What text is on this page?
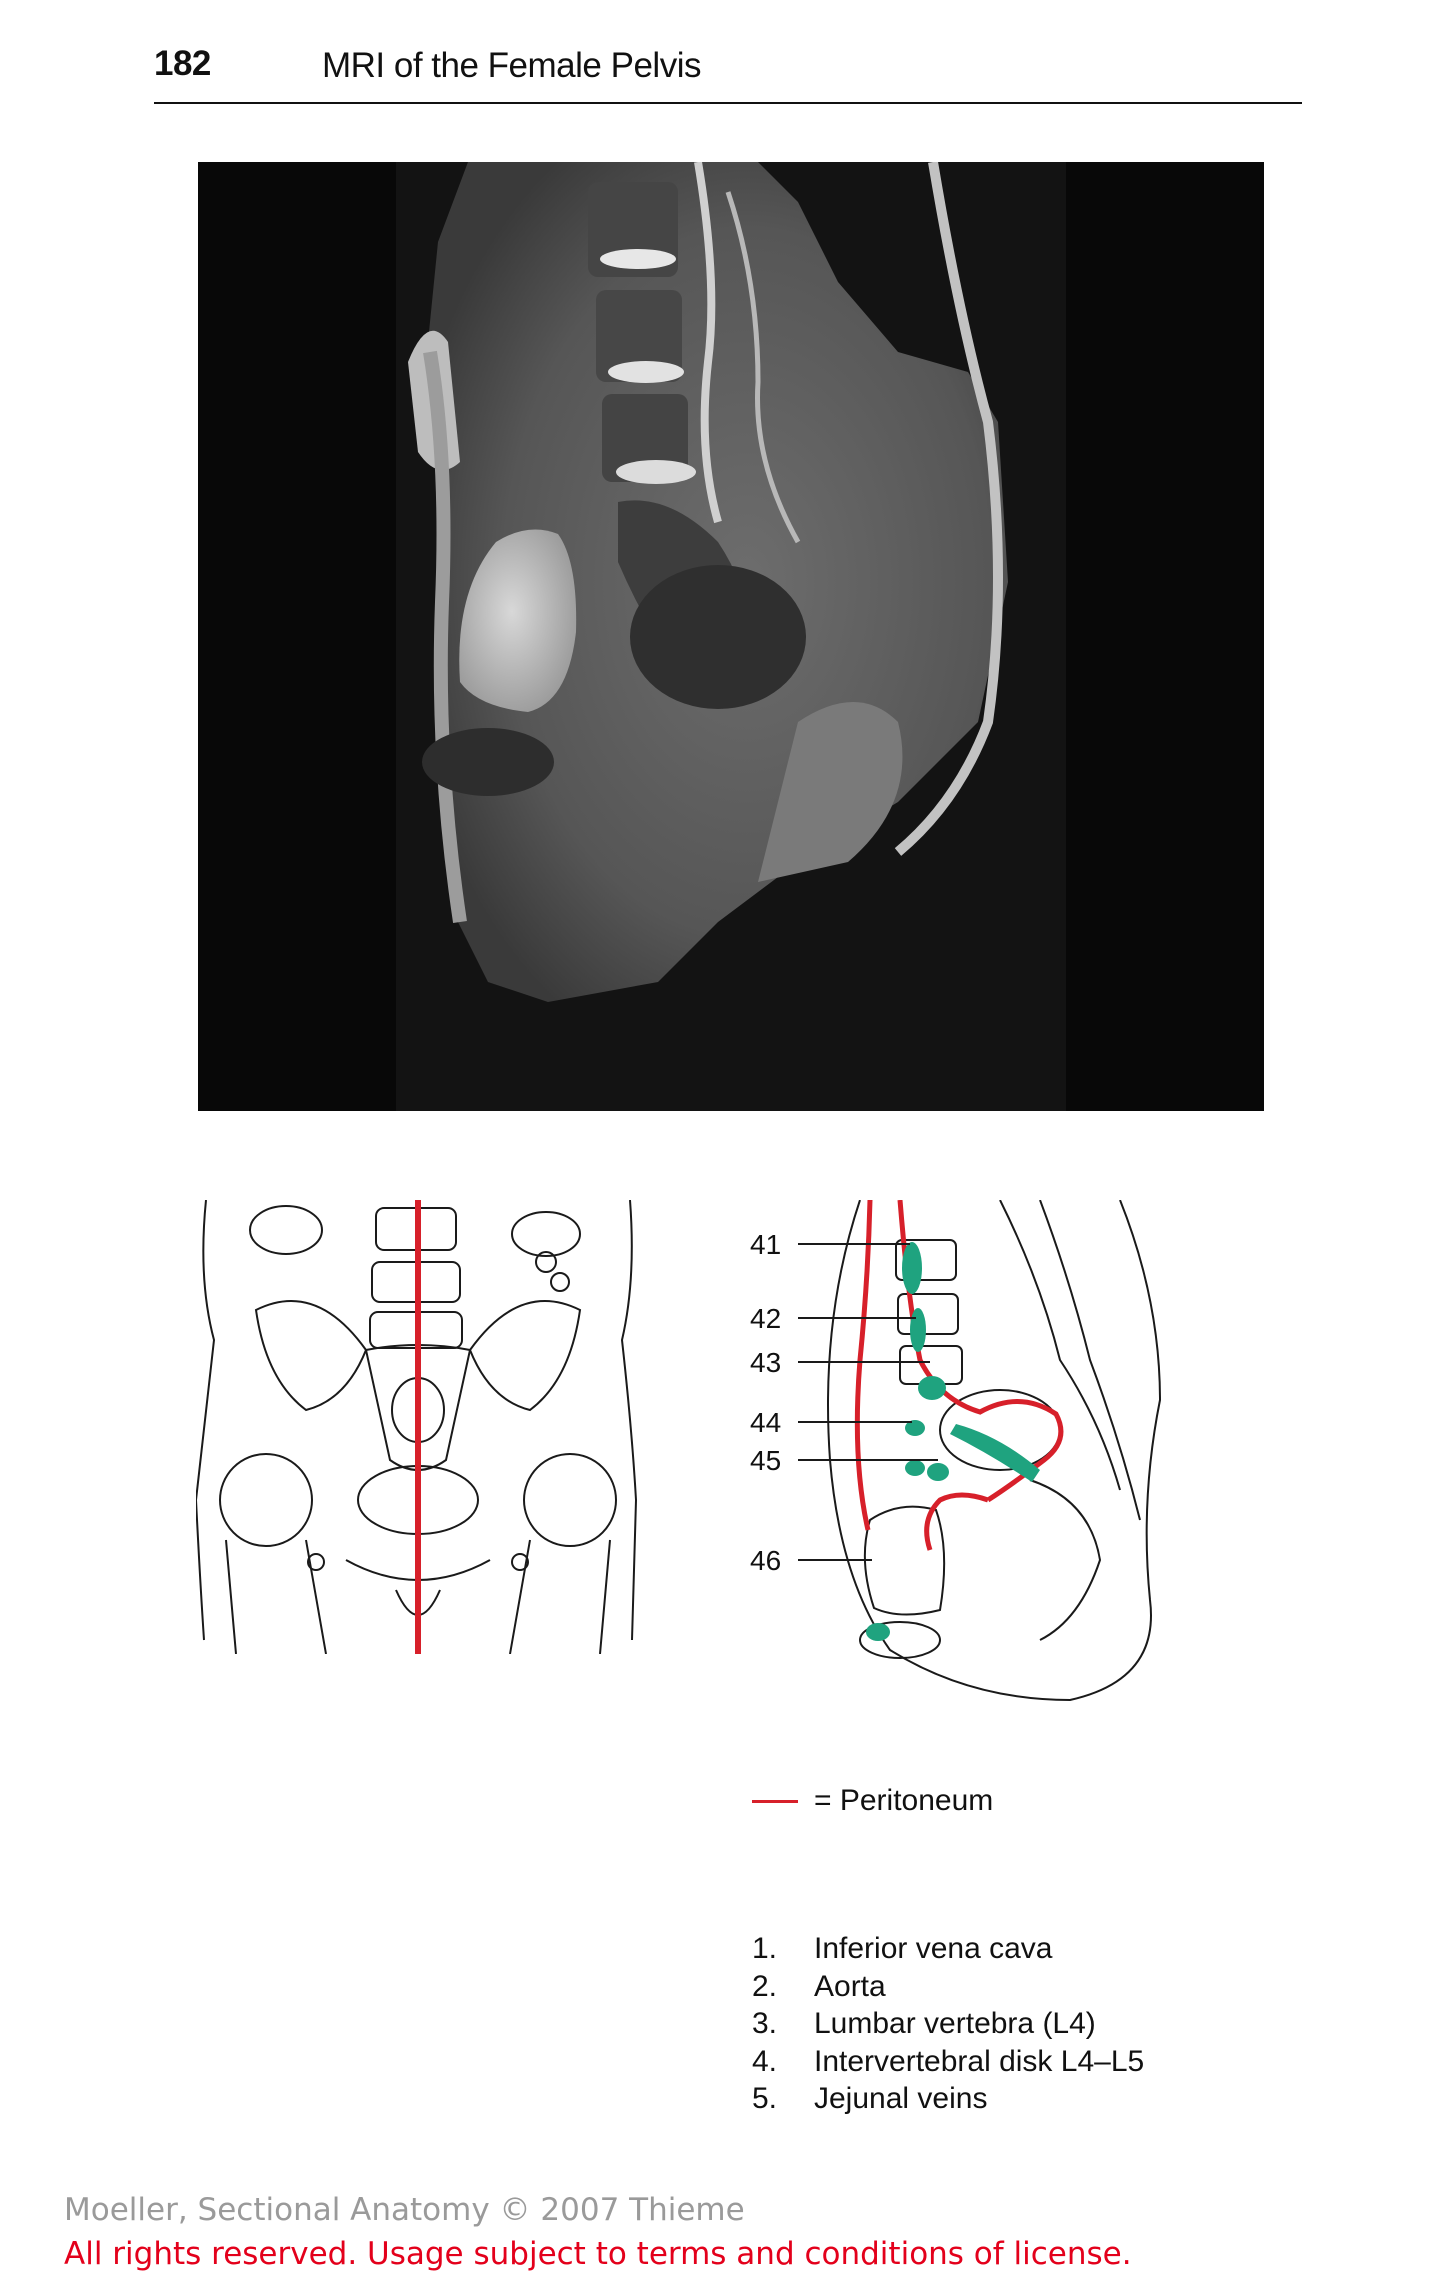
182	MRI of the Female Pelvis
41
42
43
44
45
46
= Peritoneum
1.	Inferior vena cava
2.	Aorta
3.	Lumbar vertebra (L4)
4.	Intervertebral disk L4–L5
5.	Jejunal veins
Moeller, Sectional Anatomy © 2007 Thieme
All rights reserved. Usage subject to terms and conditions of license.
